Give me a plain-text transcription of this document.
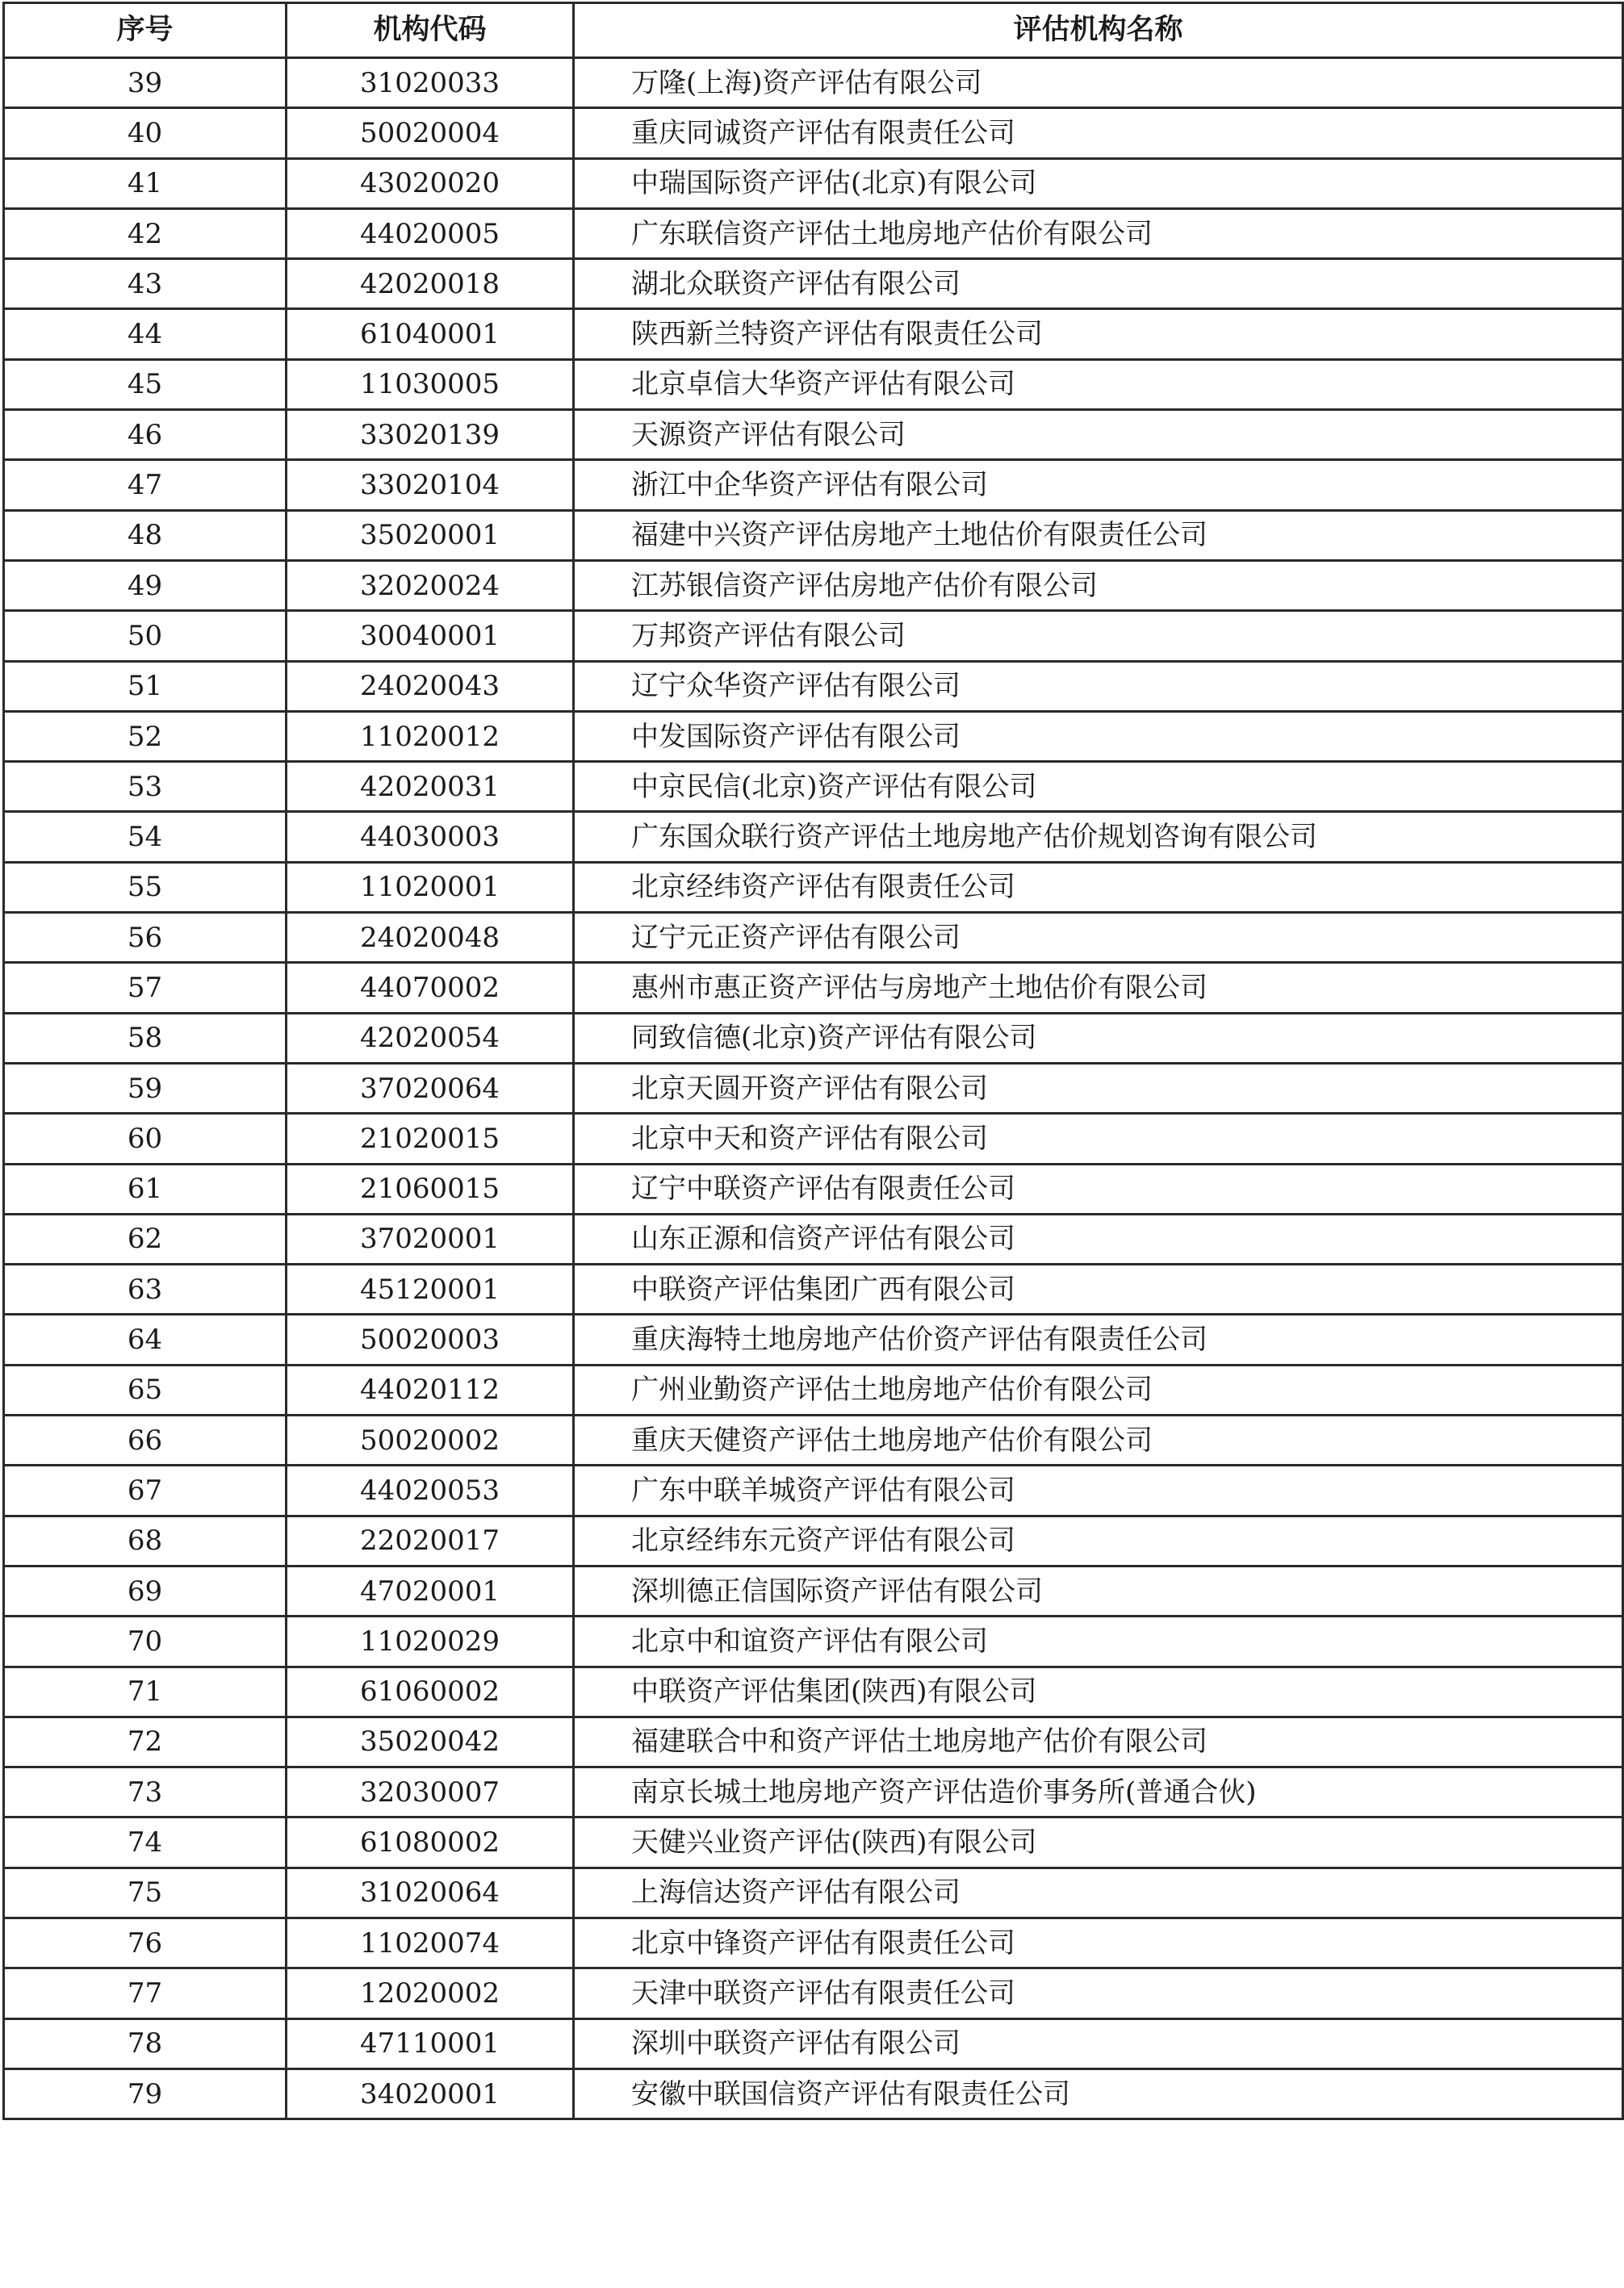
序号	机构代码	评估机构名称
39	31020033	万隆(上海)资产评估有限公司
40	50020004	重庆同诚资产评估有限责任公司
41	43020020	中瑞国际资产评估(北京)有限公司
42	44020005	广东联信资产评估土地房地产估价有限公司
43	42020018	湖北众联资产评估有限公司
44	61040001	陕西新兰特资产评估有限责任公司
45	11030005	北京卓信大华资产评估有限公司
46	33020139	天源资产评估有限公司
47	33020104	浙江中企华资产评估有限公司
48	35020001	福建中兴资产评估房地产土地估价有限责任公司
49	32020024	江苏银信资产评估房地产估价有限公司
50	30040001	万邦资产评估有限公司
51	24020043	辽宁众华资产评估有限公司
52	11020012	中发国际资产评估有限公司
53	42020031	中京民信(北京)资产评估有限公司
54	44030003	广东国众联行资产评估土地房地产估价规划咨询有限公司
55	11020001	北京经纬资产评估有限责任公司
56	24020048	辽宁元正资产评估有限公司
57	44070002	惠州市惠正资产评估与房地产土地估价有限公司
58	42020054	同致信德(北京)资产评估有限公司
59	37020064	北京天圆开资产评估有限公司
60	21020015	北京中天和资产评估有限公司
61	21060015	辽宁中联资产评估有限责任公司
62	37020001	山东正源和信资产评估有限公司
63	45120001	中联资产评估集团广西有限公司
64	50020003	重庆海特土地房地产估价资产评估有限责任公司
65	44020112	广州业勤资产评估土地房地产估价有限公司
66	50020002	重庆天健资产评估土地房地产估价有限公司
67	44020053	广东中联羊城资产评估有限公司
68	22020017	北京经纬东元资产评估有限公司
69	47020001	深圳德正信国际资产评估有限公司
70	11020029	北京中和谊资产评估有限公司
71	61060002	中联资产评估集团(陕西)有限公司
72	35020042	福建联合中和资产评估土地房地产估价有限公司
73	32030007	南京长城土地房地产资产评估造价事务所(普通合伙)
74	61080002	天健兴业资产评估(陕西)有限公司
75	31020064	上海信达资产评估有限公司
76	11020074	北京中锋资产评估有限责任公司
77	12020002	天津中联资产评估有限责任公司
78	47110001	深圳中联资产评估有限公司
79	34020001	安徽中联国信资产评估有限责任公司
